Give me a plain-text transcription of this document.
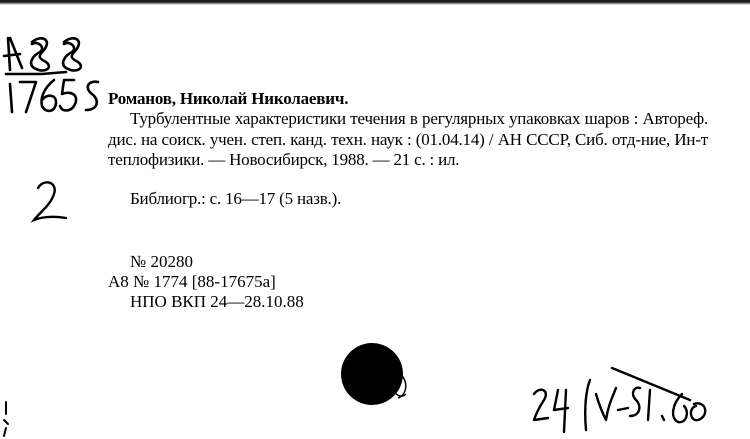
Романов, Николай Николаевич.
Турбулентные характеристики течения в регулярных упаковках шаров : Автореф. дис. на соиск. учен. степ. канд. техн. наук : (01.04.14) / АН СССР, Сиб. отд-ние, Ин-т теплофизики. — Новосибирск, 1988. — 21 с. : ил.
Библиогр.: с. 16—17 (5 назв.).
№ 20280
А8 № 1774 [88-17675a]
НПО ВКП 24—28.10.88
